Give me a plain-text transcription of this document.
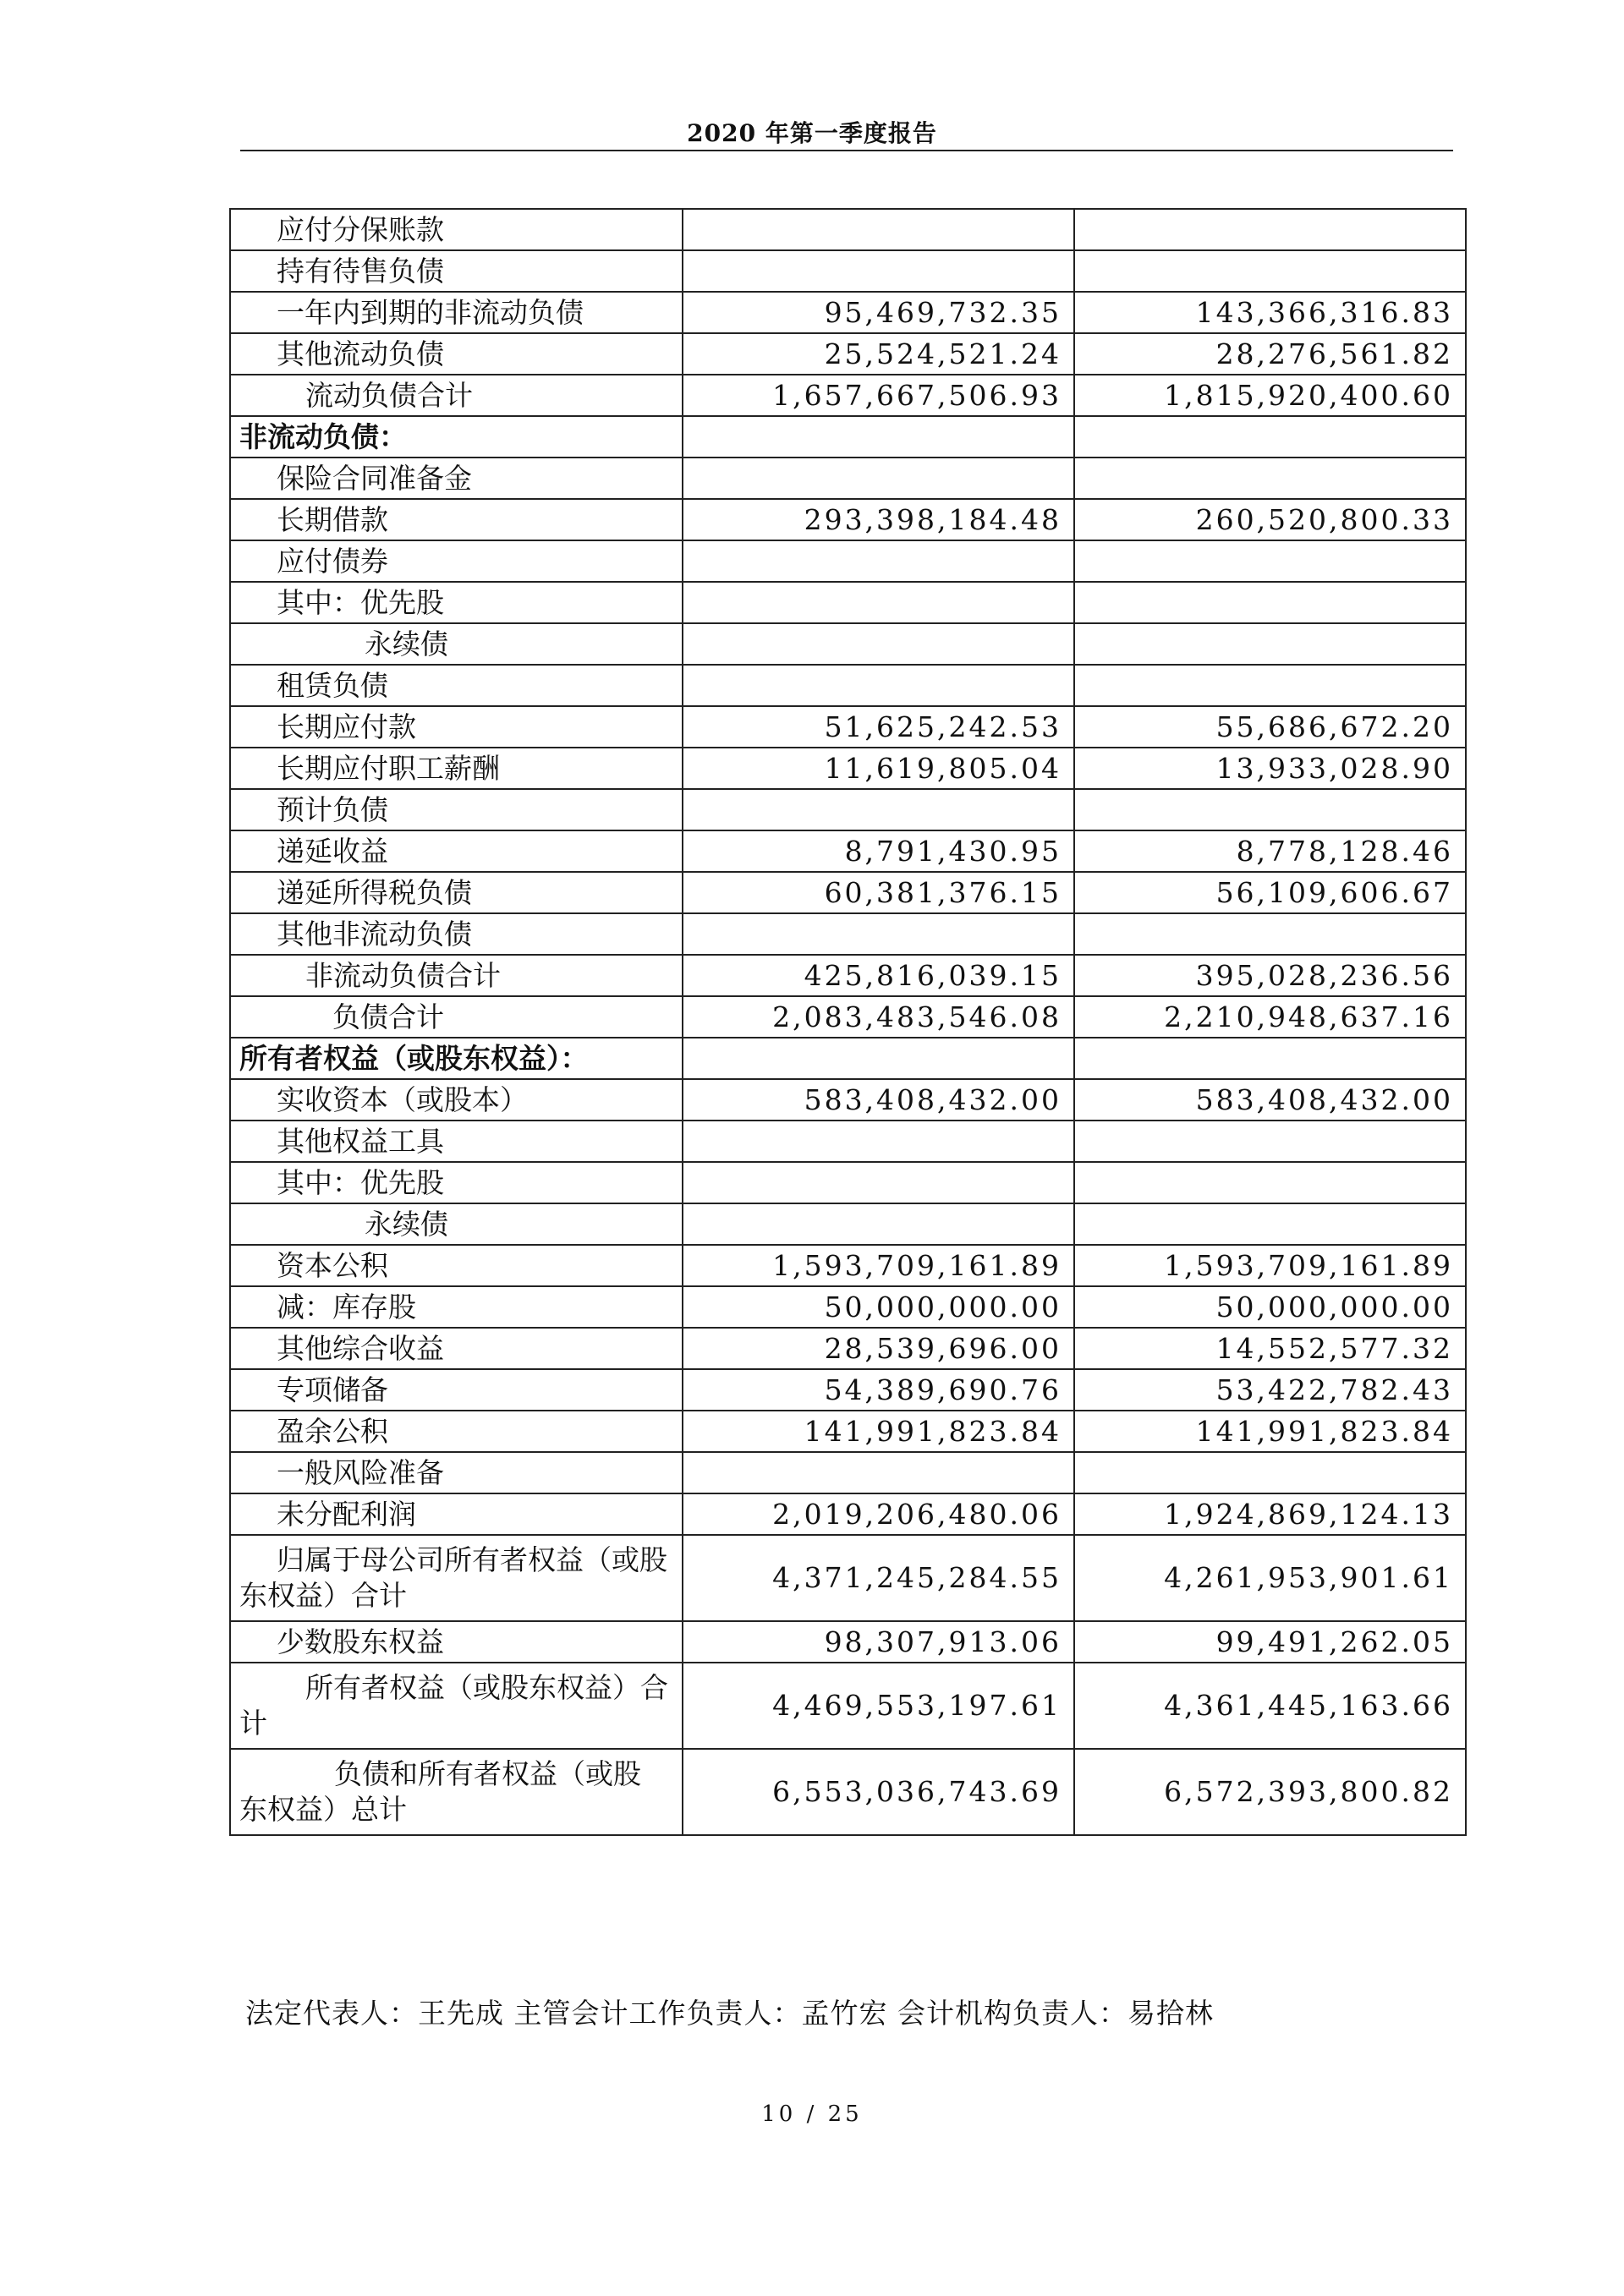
2020 年第一季度报告
应付分保账款		
持有待售负债		
一年内到期的非流动负债	95,469,732.35	143,366,316.83
其他流动负债	25,524,521.24	28,276,561.82
流动负债合计	1,657,667,506.93	1,815,920,400.60
非流动负债：		
保险合同准备金		
长期借款	293,398,184.48	260,520,800.33
应付债券		
其中：优先股		
永续债		
租赁负债		
长期应付款	51,625,242.53	55,686,672.20
长期应付职工薪酬	11,619,805.04	13,933,028.90
预计负债		
递延收益	8,791,430.95	8,778,128.46
递延所得税负债	60,381,376.15	56,109,606.67
其他非流动负债		
非流动负债合计	425,816,039.15	395,028,236.56
负债合计	2,083,483,546.08	2,210,948,637.16
所有者权益（或股东权益）：		
实收资本（或股本）	583,408,432.00	583,408,432.00
其他权益工具		
其中：优先股		
永续债		
资本公积	1,593,709,161.89	1,593,709,161.89
减：库存股	50,000,000.00	50,000,000.00
其他综合收益	28,539,696.00	14,552,577.32
专项储备	54,389,690.76	53,422,782.43
盈余公积	141,991,823.84	141,991,823.84
一般风险准备		
未分配利润	2,019,206,480.06	1,924,869,124.13
归属于母公司所有者权益（或股东权益）合计	4,371,245,284.55	4,261,953,901.61
少数股东权益	98,307,913.06	99,491,262.05
所有者权益（或股东权益）合计	4,469,553,197.61	4,361,445,163.66
负债和所有者权益（或股东权益）总计	6,553,036,743.69	6,572,393,800.82
法定代表人：王先成 主管会计工作负责人：孟竹宏 会计机构负责人：易拾林
10 / 25
